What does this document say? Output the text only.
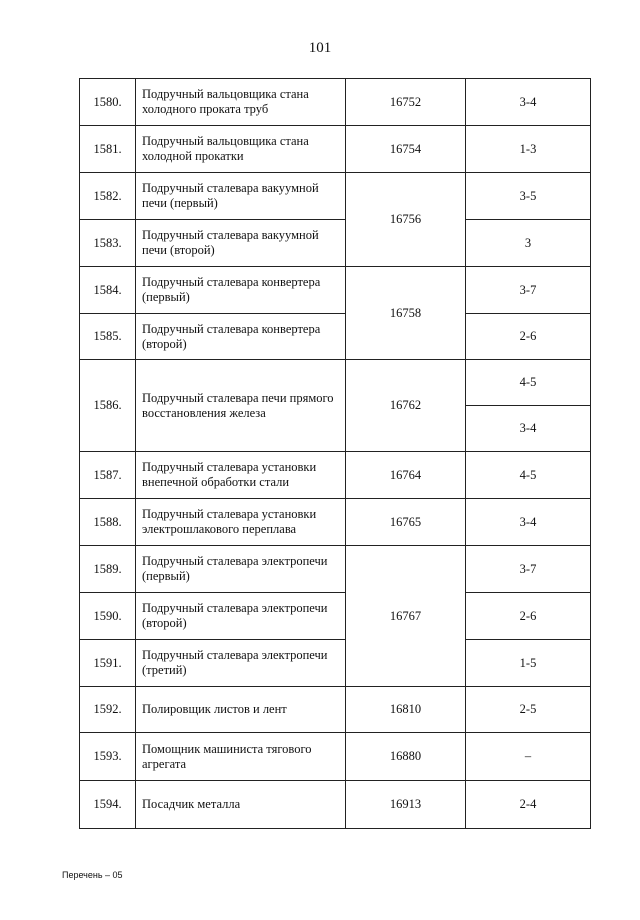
101
1580.	Подручный вальцовщика стана холодного проката труб	16752	3-4
1581.	Подручный вальцовщика стана холодной прокатки	16754	1-3
1582.	Подручный сталевара вакуумной печи (первый)	16756	3-5
1583.	Подручный сталевара вакуумной печи (второй)		3
1584.	Подручный сталевара конвертера (первый)	16758	3-7
1585.	Подручный сталевара конвертера (второй)		2-6
1586.	Подручный сталевара печи прямого восстановления железа	16762	4-5
			3-4
1587.	Подручный сталевара установки внепечной обработки стали	16764	4-5
1588.	Подручный сталевара установки электрошлакового переплава	16765	3-4
1589.	Подручный сталевара электропечи (первый)	16767	3-7
1590.	Подручный сталевара электропечи (второй)		2-6
1591.	Подручный сталевара электропечи (третий)		1-5
1592.	Полировщик листов и лент	16810	2-5
1593.	Помощник машиниста тягового агрегата	16880	–
1594.	Посадчик металла	16913	2-4
Перечень – 05
